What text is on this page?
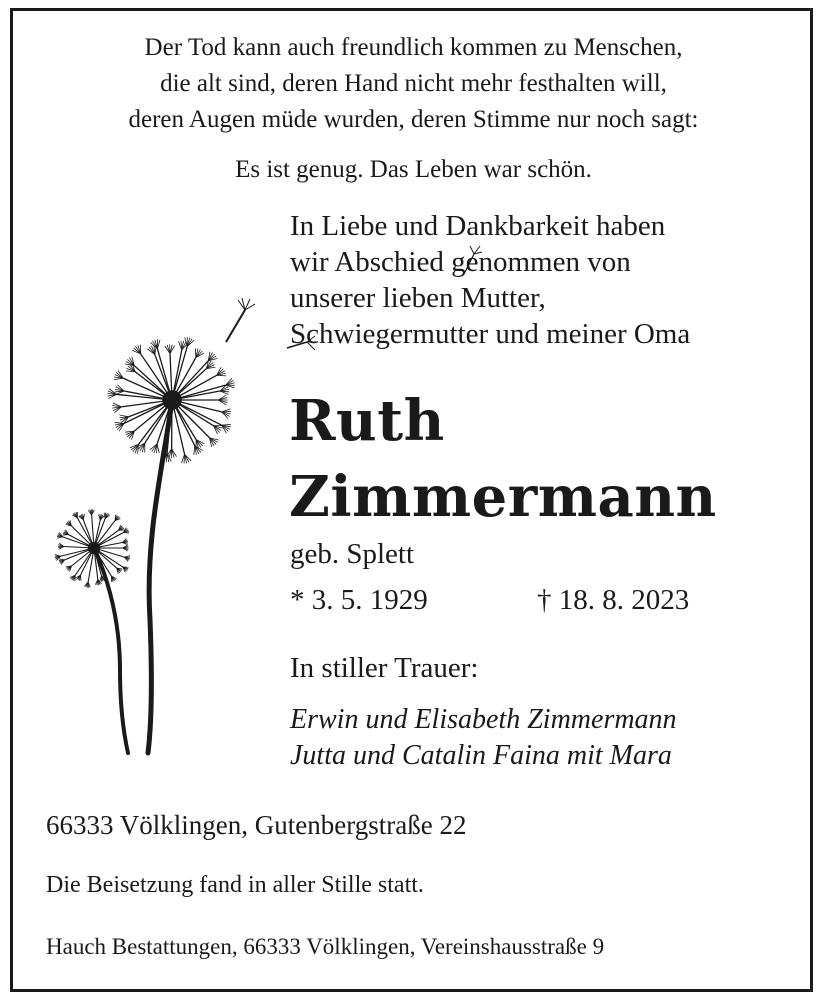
Der Tod kann auch freundlich kommen zu Menschen,
die alt sind, deren Hand nicht mehr festhalten will,
deren Augen müde wurden, deren Stimme nur noch sagt:
Es ist genug. Das Leben war schön.
In Liebe und Dankbarkeit haben
wir Abschied genommen von
unserer lieben Mutter,
Schwiegermutter und meiner Oma
Ruth
Zimmermann
geb. Splett
* 3. 5. 1929	† 18. 8. 2023
In stiller Trauer:
Erwin und Elisabeth Zimmermann
Jutta und Catalin Faina mit Mara
66333 Völklingen, Gutenbergstraße 22
Die Beisetzung fand in aller Stille statt.
Hauch Bestattungen, 66333 Völklingen, Vereinshausstraße 9
